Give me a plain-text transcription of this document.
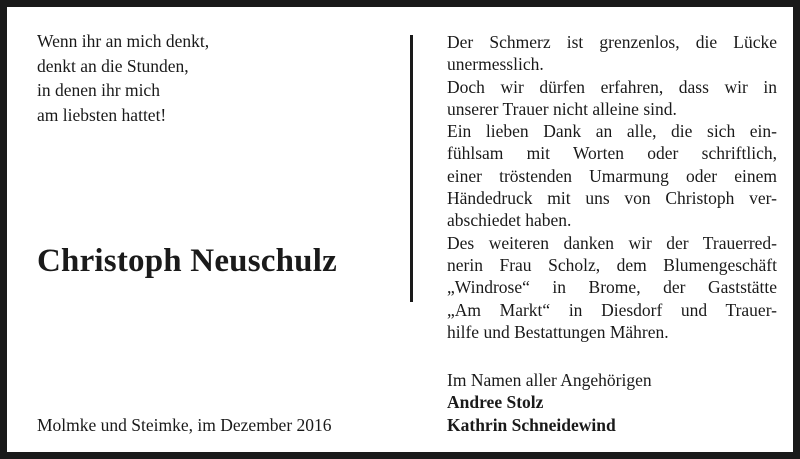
Wenn ihr an mich denkt,
denkt an die Stunden,
in denen ihr mich
am liebsten hattet!
Christoph Neuschulz
Molmke und Steimke, im Dezember 2016
Der Schmerz ist grenzenlos, die Lücke
unermesslich.
Doch wir dürfen erfahren, dass wir in
unserer Trauer nicht alleine sind.
Ein lieben Dank an alle, die sich ein-
fühlsam mit Worten oder schriftlich,
einer tröstenden Umarmung oder einem
Händedruck mit uns von Christoph ver-
abschiedet haben.
Des weiteren danken wir der Trauerred-
nerin Frau Scholz, dem Blumengeschäft
„Windrose“ in Brome, der Gaststätte
„Am Markt“ in Diesdorf und Trauer-
hilfe und Bestattungen Mähren.
Im Namen aller Angehörigen
Andree Stolz
Kathrin Schneidewind
